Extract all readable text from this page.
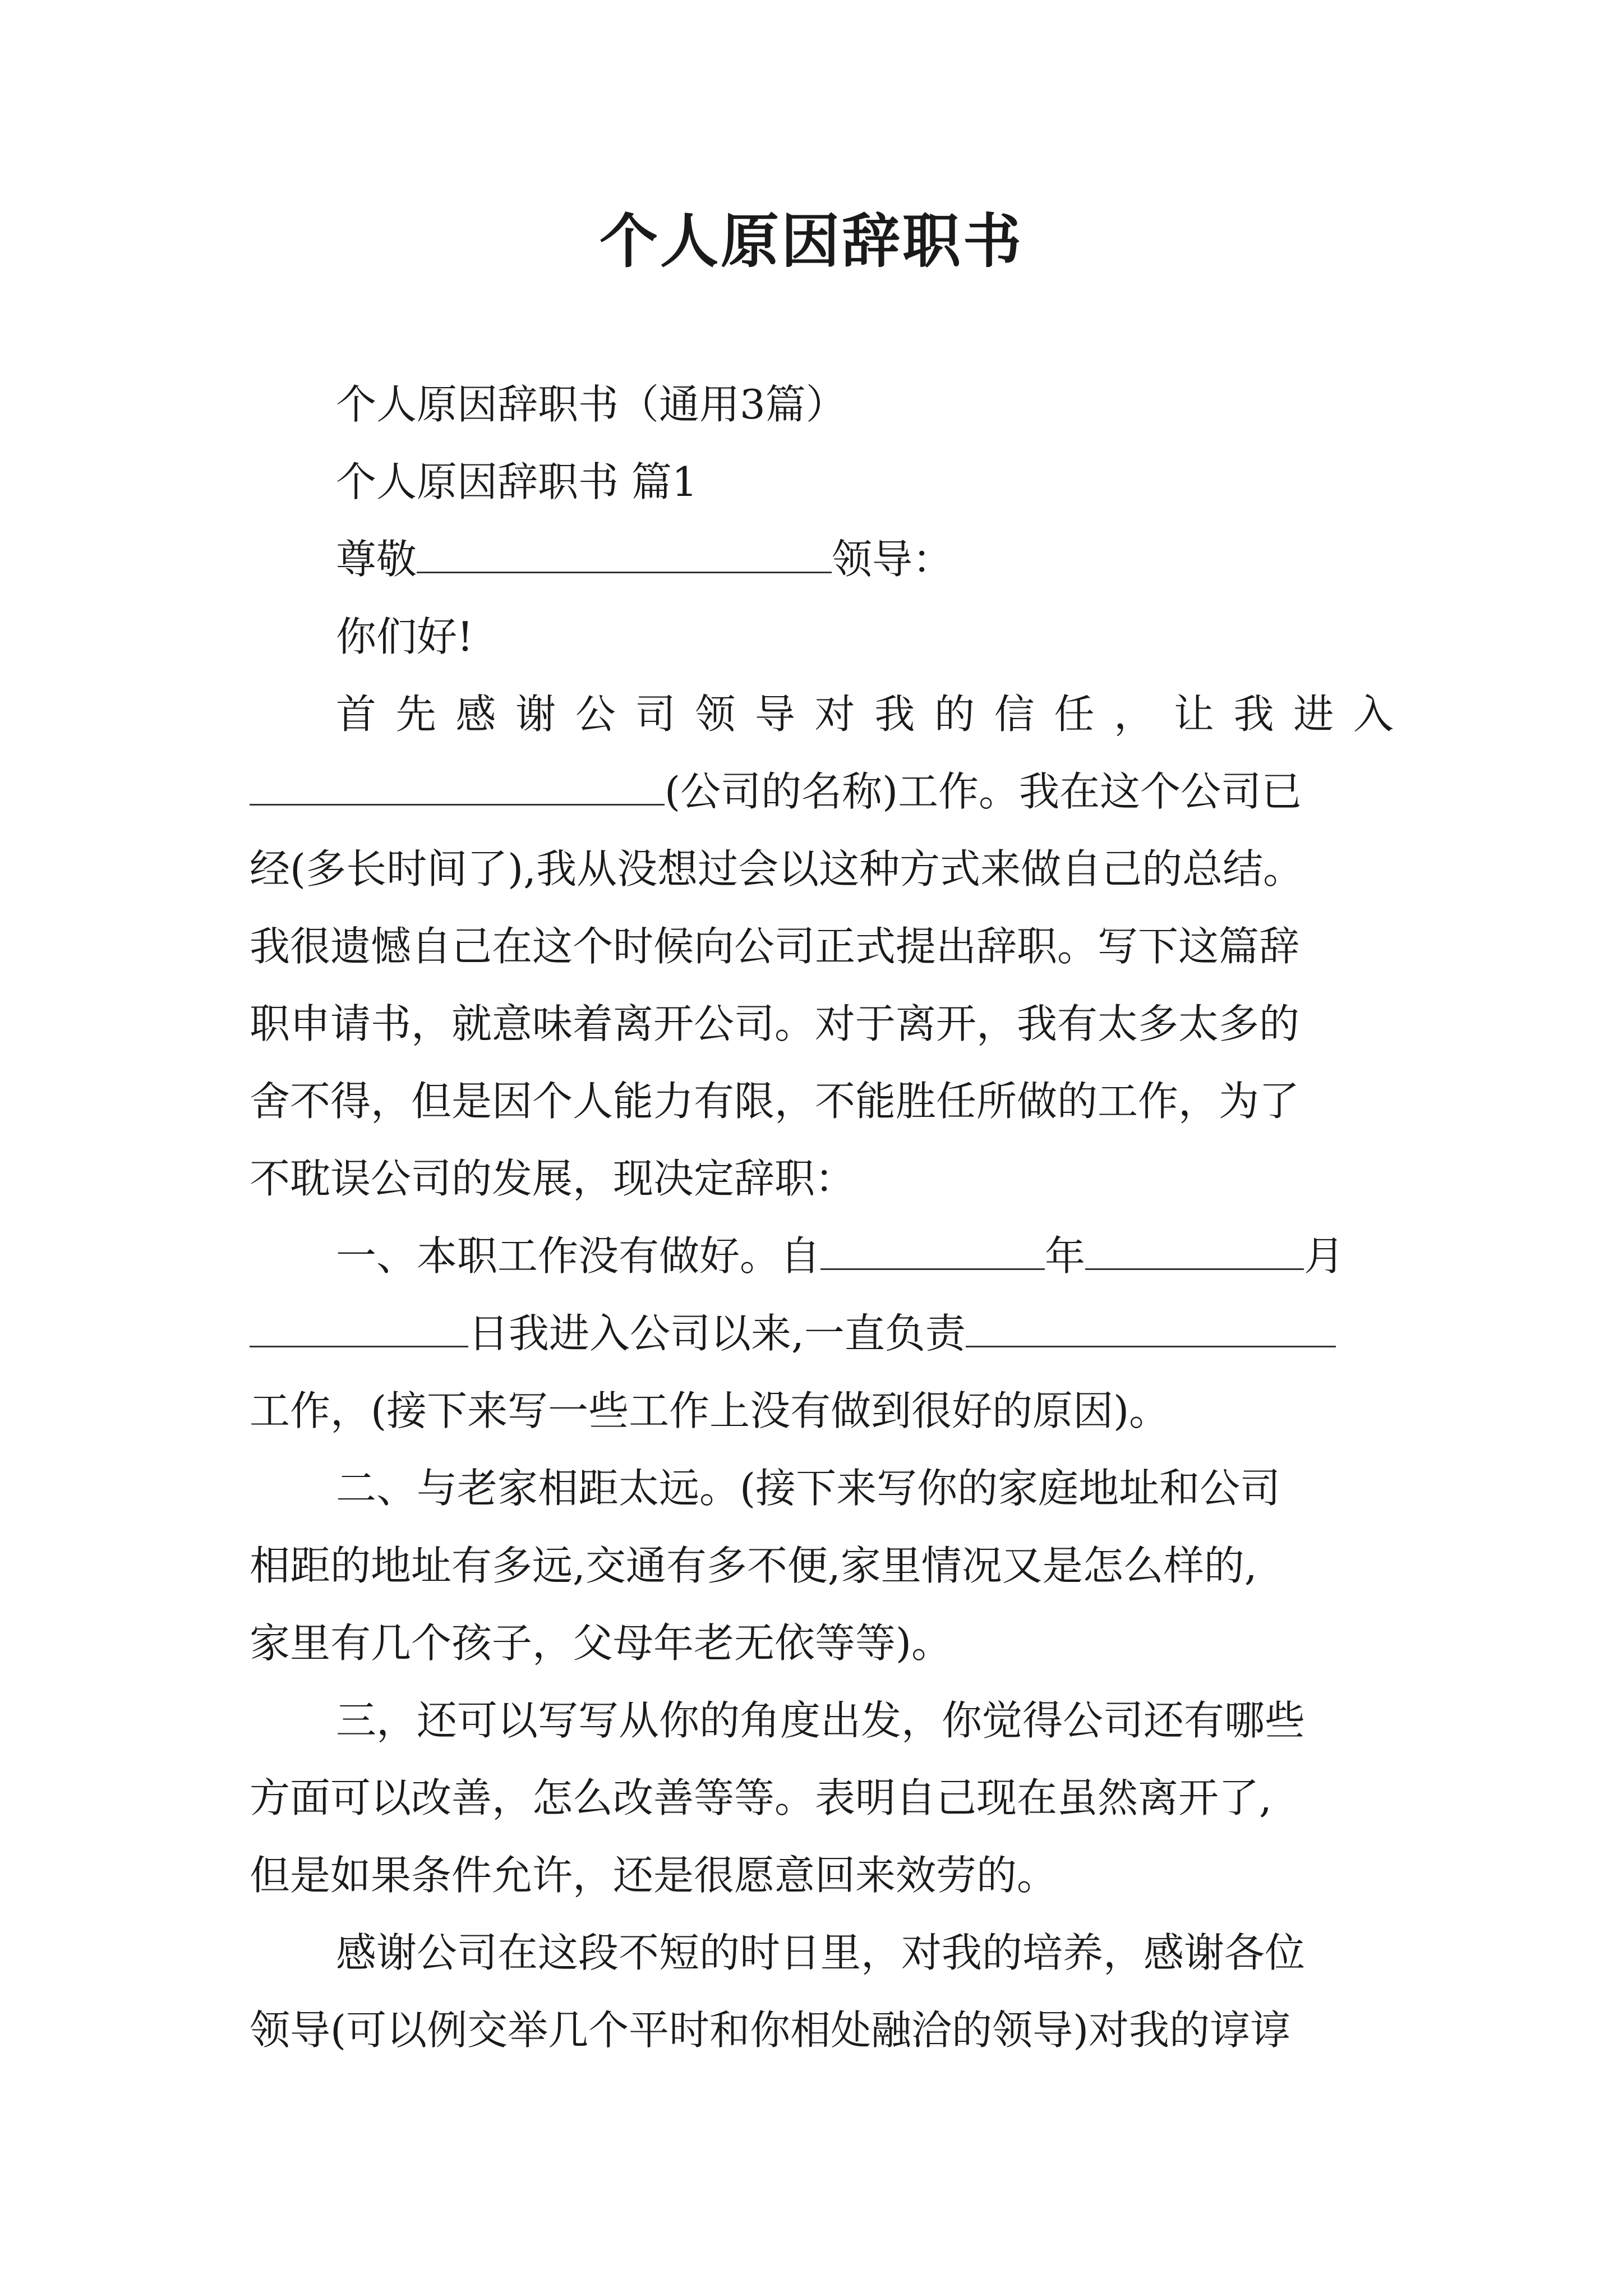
个人原因辞职书
个人原因辞职书（通用3篇）
个人原因辞职书 篇1
尊敬	领导：
你们好!
首先感谢公司领导对我的信任，让我进入
(公司的名称)工作。我在这个公司已
经(多长时间了),我从没想过会以这种方式来做自己的总结。
我很遗憾自己在这个时候向公司正式提出辞职。写下这篇辞
职申请书，就意味着离开公司。对于离开，我有太多太多的
舍不得，但是因个人能力有限，不能胜任所做的工作，为了
不耽误公司的发展，现决定辞职：
一、本职工作没有做好。自	年	月
日我进入公司以来,一直负责
工作，(接下来写一些工作上没有做到很好的原因)。
二、与老家相距太远。(接下来写你的家庭地址和公司
相距的地址有多远,交通有多不便,家里情况又是怎么样的,
家里有几个孩子，父母年老无依等等)。
三，还可以写写从你的角度出发，你觉得公司还有哪些
方面可以改善，怎么改善等等。表明自己现在虽然离开了,
但是如果条件允许，还是很愿意回来效劳的。
感谢公司在这段不短的时日里，对我的培养，感谢各位
领导(可以例交举几个平时和你相处融洽的领导)对我的谆谆
